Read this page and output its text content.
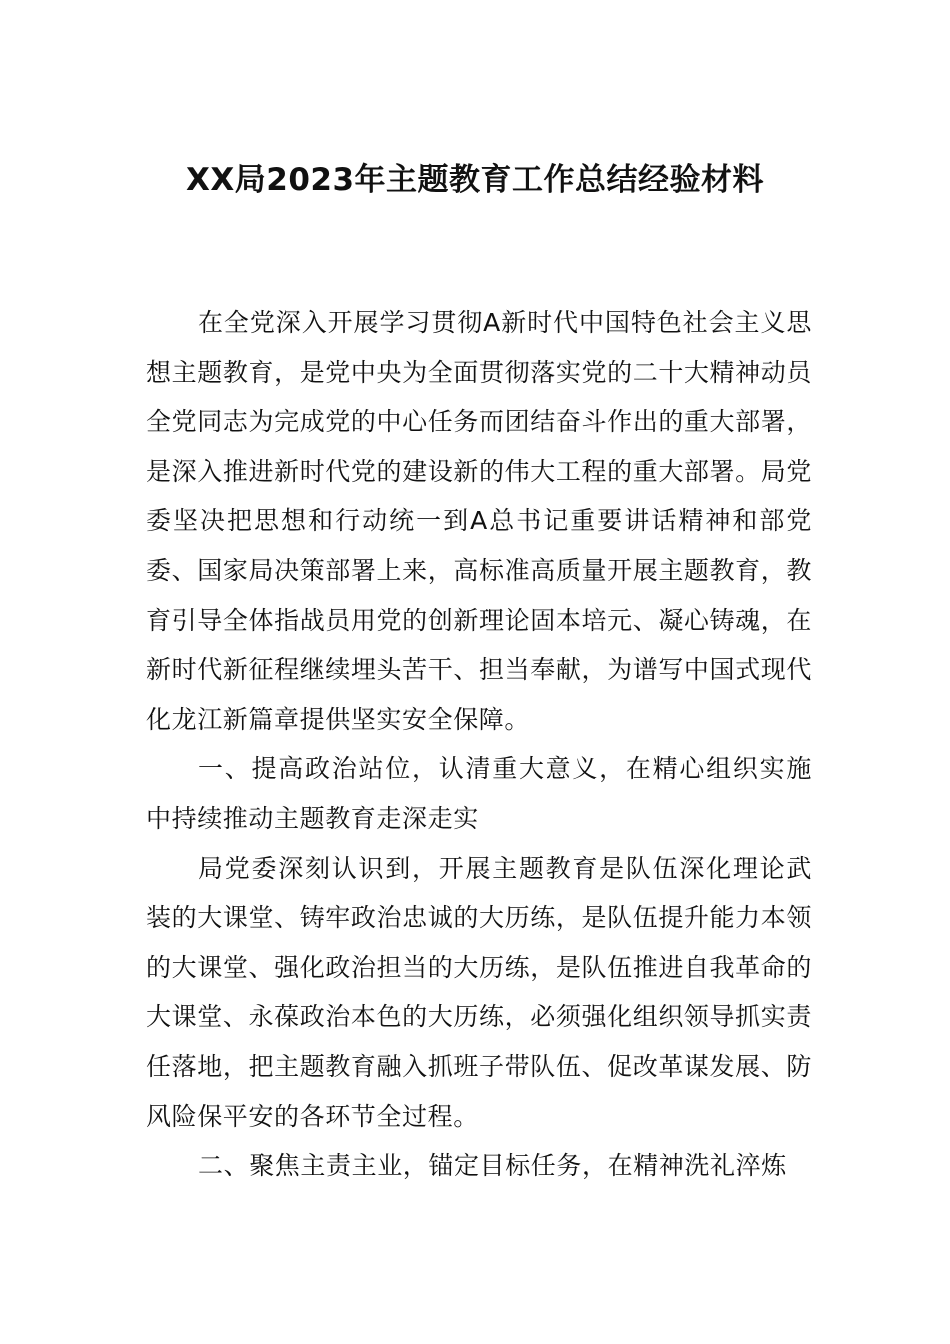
XX局2023年主题教育工作总结经验材料

在全党深入开展学习贯彻A新时代中国特色社会主义思想主题教育，是党中央为全面贯彻落实党的二十大精神动员全党同志为完成党的中心任务而团结奋斗作出的重大部署，是深入推进新时代党的建设新的伟大工程的重大部署。局党委坚决把思想和行动统一到A总书记重要讲话精神和部党委、国家局决策部署上来，高标准高质量开展主题教育，教育引导全体指战员用党的创新理论固本培元、凝心铸魂，在新时代新征程继续埋头苦干、担当奉献，为谱写中国式现代化龙江新篇章提供坚实安全保障。

一、提高政治站位，认清重大意义，在精心组织实施中持续推动主题教育走深走实

局党委深刻认识到，开展主题教育是队伍深化理论武装的大课堂、铸牢政治忠诚的大历练，是队伍提升能力本领的大课堂、强化政治担当的大历练，是队伍推进自我革命的大课堂、永葆政治本色的大历练，必须强化组织领导抓实责任落地，把主题教育融入抓班子带队伍、促改革谋发展、防风险保平安的各环节全过程。

二、聚焦主责主业，锚定目标任务，在精神洗礼淬炼
